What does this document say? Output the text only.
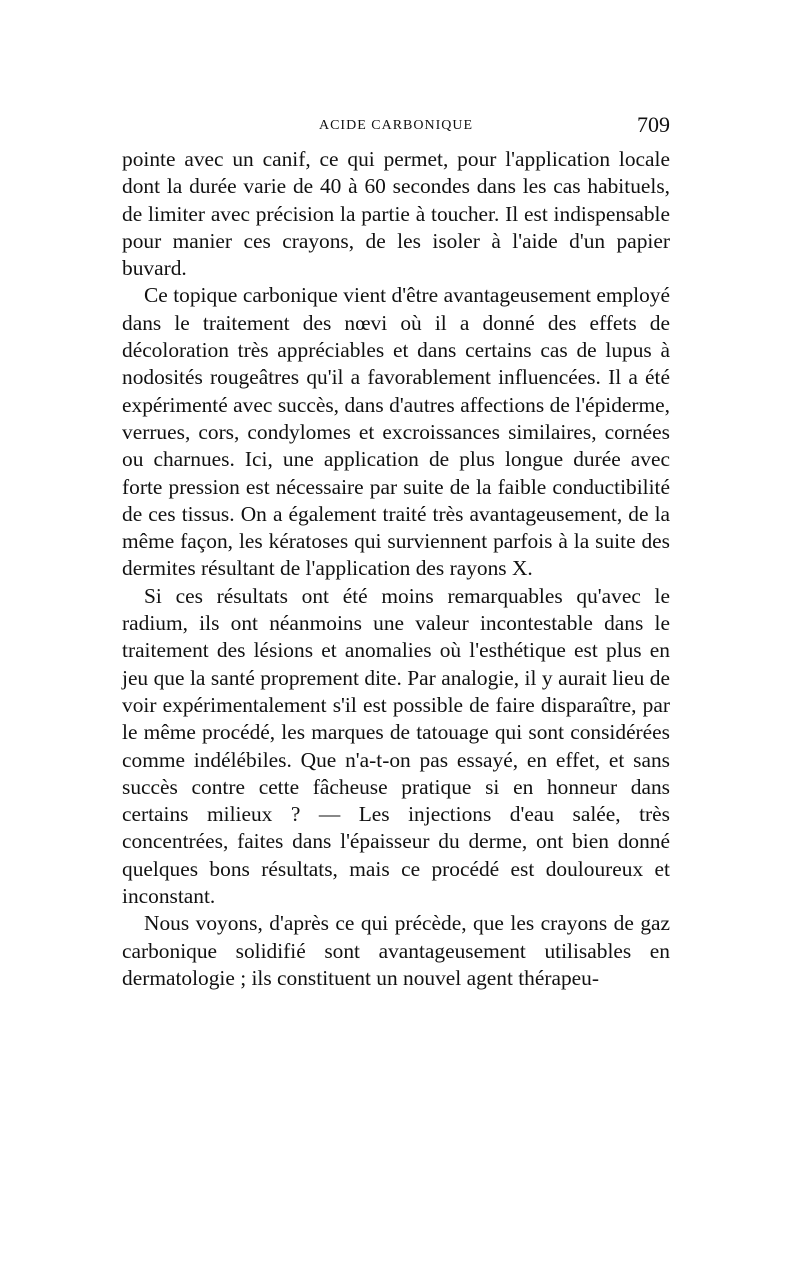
ACIDE CARBONIQUE	709

pointe avec un canif, ce qui permet, pour l'application locale dont la durée varie de 40 à 60 secondes dans les cas habituels, de limiter avec précision la partie à toucher. Il est indispensable pour manier ces crayons, de les isoler à l'aide d'un papier buvard.

Ce topique carbonique vient d'être avantageusement employé dans le traitement des nœvi où il a donné des effets de décoloration très appréciables et dans certains cas de lupus à nodosités rougeâtres qu'il a favorablement influencées. Il a été expérimenté avec succès, dans d'autres affections de l'épiderme, verrues, cors, condylomes et excroissances similaires, cornées ou charnues. Ici, une application de plus longue durée avec forte pression est nécessaire par suite de la faible conductibilité de ces tissus. On a également traité très avantageusement, de la même façon, les kératoses qui surviennent parfois à la suite des dermites résultant de l'application des rayons X.

Si ces résultats ont été moins remarquables qu'avec le radium, ils ont néanmoins une valeur incontestable dans le traitement des lésions et anomalies où l'esthétique est plus en jeu que la santé proprement dite. Par analogie, il y aurait lieu de voir expérimentalement s'il est possible de faire disparaître, par le même procédé, les marques de tatouage qui sont considérées comme indélébiles. Que n'a-t-on pas essayé, en effet, et sans succès contre cette fâcheuse pratique si en honneur dans certains milieux ? — Les injections d'eau salée, très concentrées, faites dans l'épaisseur du derme, ont bien donné quelques bons résultats, mais ce procédé est douloureux et inconstant.

Nous voyons, d'après ce qui précède, que les crayons de gaz carbonique solidifié sont avantageusement utilisables en dermatologie ; ils constituent un nouvel agent thérapeu-
